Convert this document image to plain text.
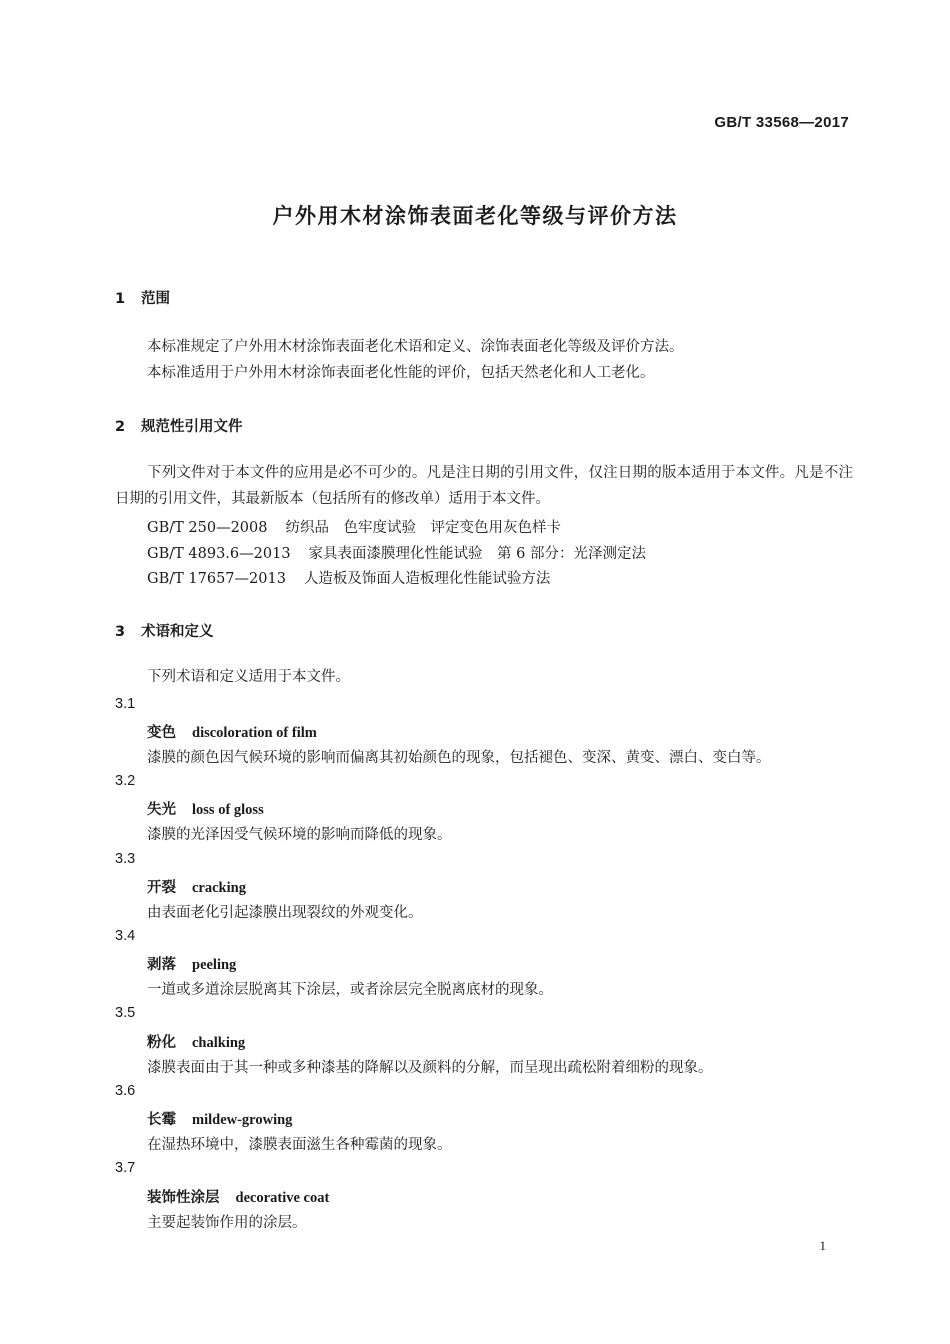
GB/T 33568—2017
户外用木材涂饰表面老化等级与评价方法
1 范围
本标准规定了户外用木材涂饰表面老化术语和定义、涂饰表面老化等级及评价方法。
本标准适用于户外用木材涂饰表面老化性能的评价，包括天然老化和人工老化。
2 规范性引用文件
下列文件对于本文件的应用是必不可少的。凡是注日期的引用文件，仅注日期的版本适用于本文件。凡是不注日期的引用文件，其最新版本（包括所有的修改单）适用于本文件。
GB/T 250—2008 纺织品　色牢度试验　评定变色用灰色样卡
GB/T 4893.6—2013 家具表面漆膜理化性能试验　第 6 部分：光泽测定法
GB/T 17657—2013 人造板及饰面人造板理化性能试验方法
3 术语和定义
下列术语和定义适用于本文件。
3.1
变色 discoloration of film
漆膜的颜色因气候环境的影响而偏离其初始颜色的现象，包括褪色、变深、黄变、漂白、变白等。
3.2
失光 loss of gloss
漆膜的光泽因受气候环境的影响而降低的现象。
3.3
开裂 cracking
由表面老化引起漆膜出现裂纹的外观变化。
3.4
剥落 peeling
一道或多道涂层脱离其下涂层，或者涂层完全脱离底材的现象。
3.5
粉化 chalking
漆膜表面由于其一种或多种漆基的降解以及颜料的分解，而呈现出疏松附着细粉的现象。
3.6
长霉 mildew-growing
在湿热环境中，漆膜表面滋生各种霉菌的现象。
3.7
装饰性涂层 decorative coat
主要起装饰作用的涂层。
1
